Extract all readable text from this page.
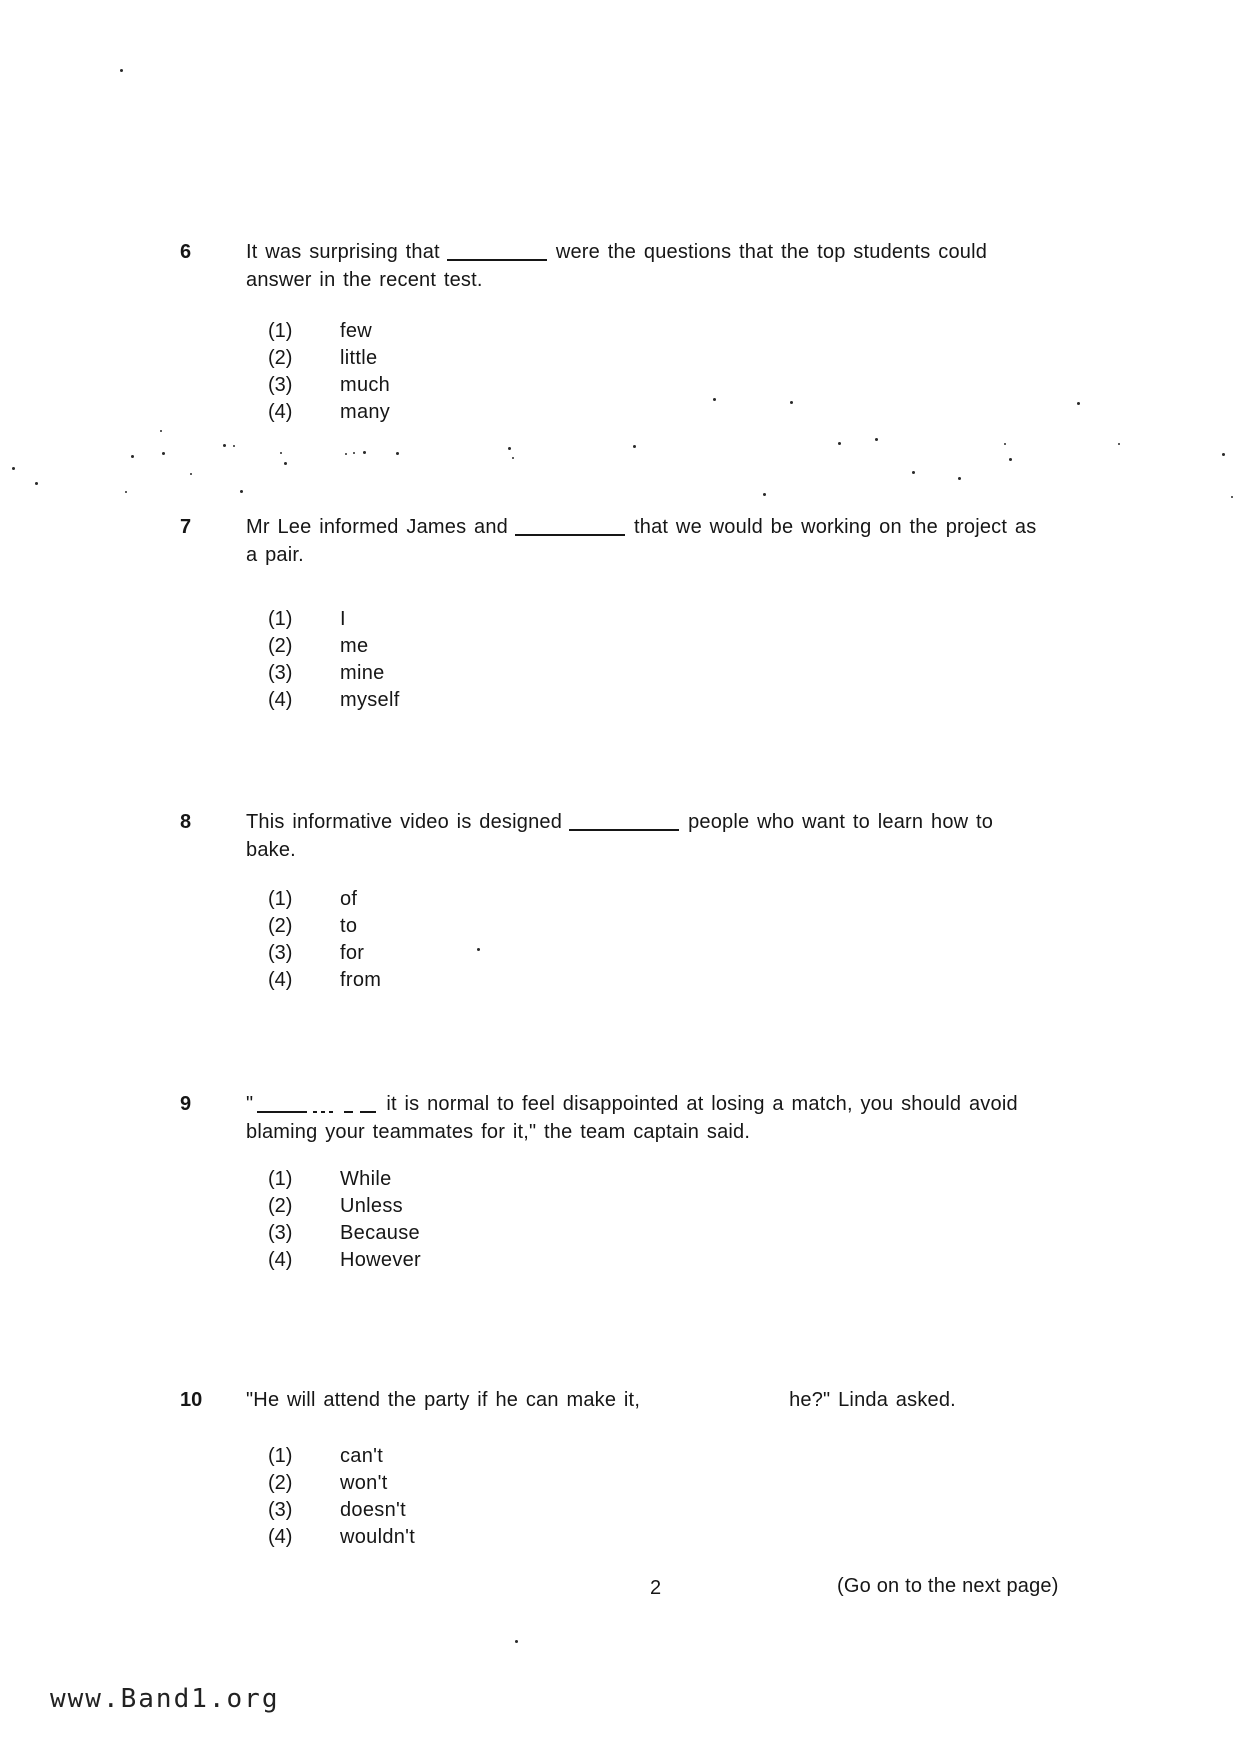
6	It was surprising that	were the questions that the top students could
answer in the recent test.

(1)	few
(2)	little
(3)	much
(4)	many
7	Mr Lee informed James and	that we would be working on the project as
a pair.

(1)	I
(2)	me
(3)	mine
(4)	myself
8	This informative video is designed	people who want to learn how to
bake.

(1)	of
(2)	to
(3)	for
(4)	from
9	"	it is normal to feel disappointed at losing a match, you should avoid
blaming your teammates for it," the team captain said.

(1)	While
(2)	Unless
(3)	Because
(4)	However
10 "He will attend the party if he can make it,	he?" Linda asked.

(1)	can't
(2)	won't
(3)	doesn't
(4)	wouldn't
2	(Go on to the next page)
www.Band1.org
